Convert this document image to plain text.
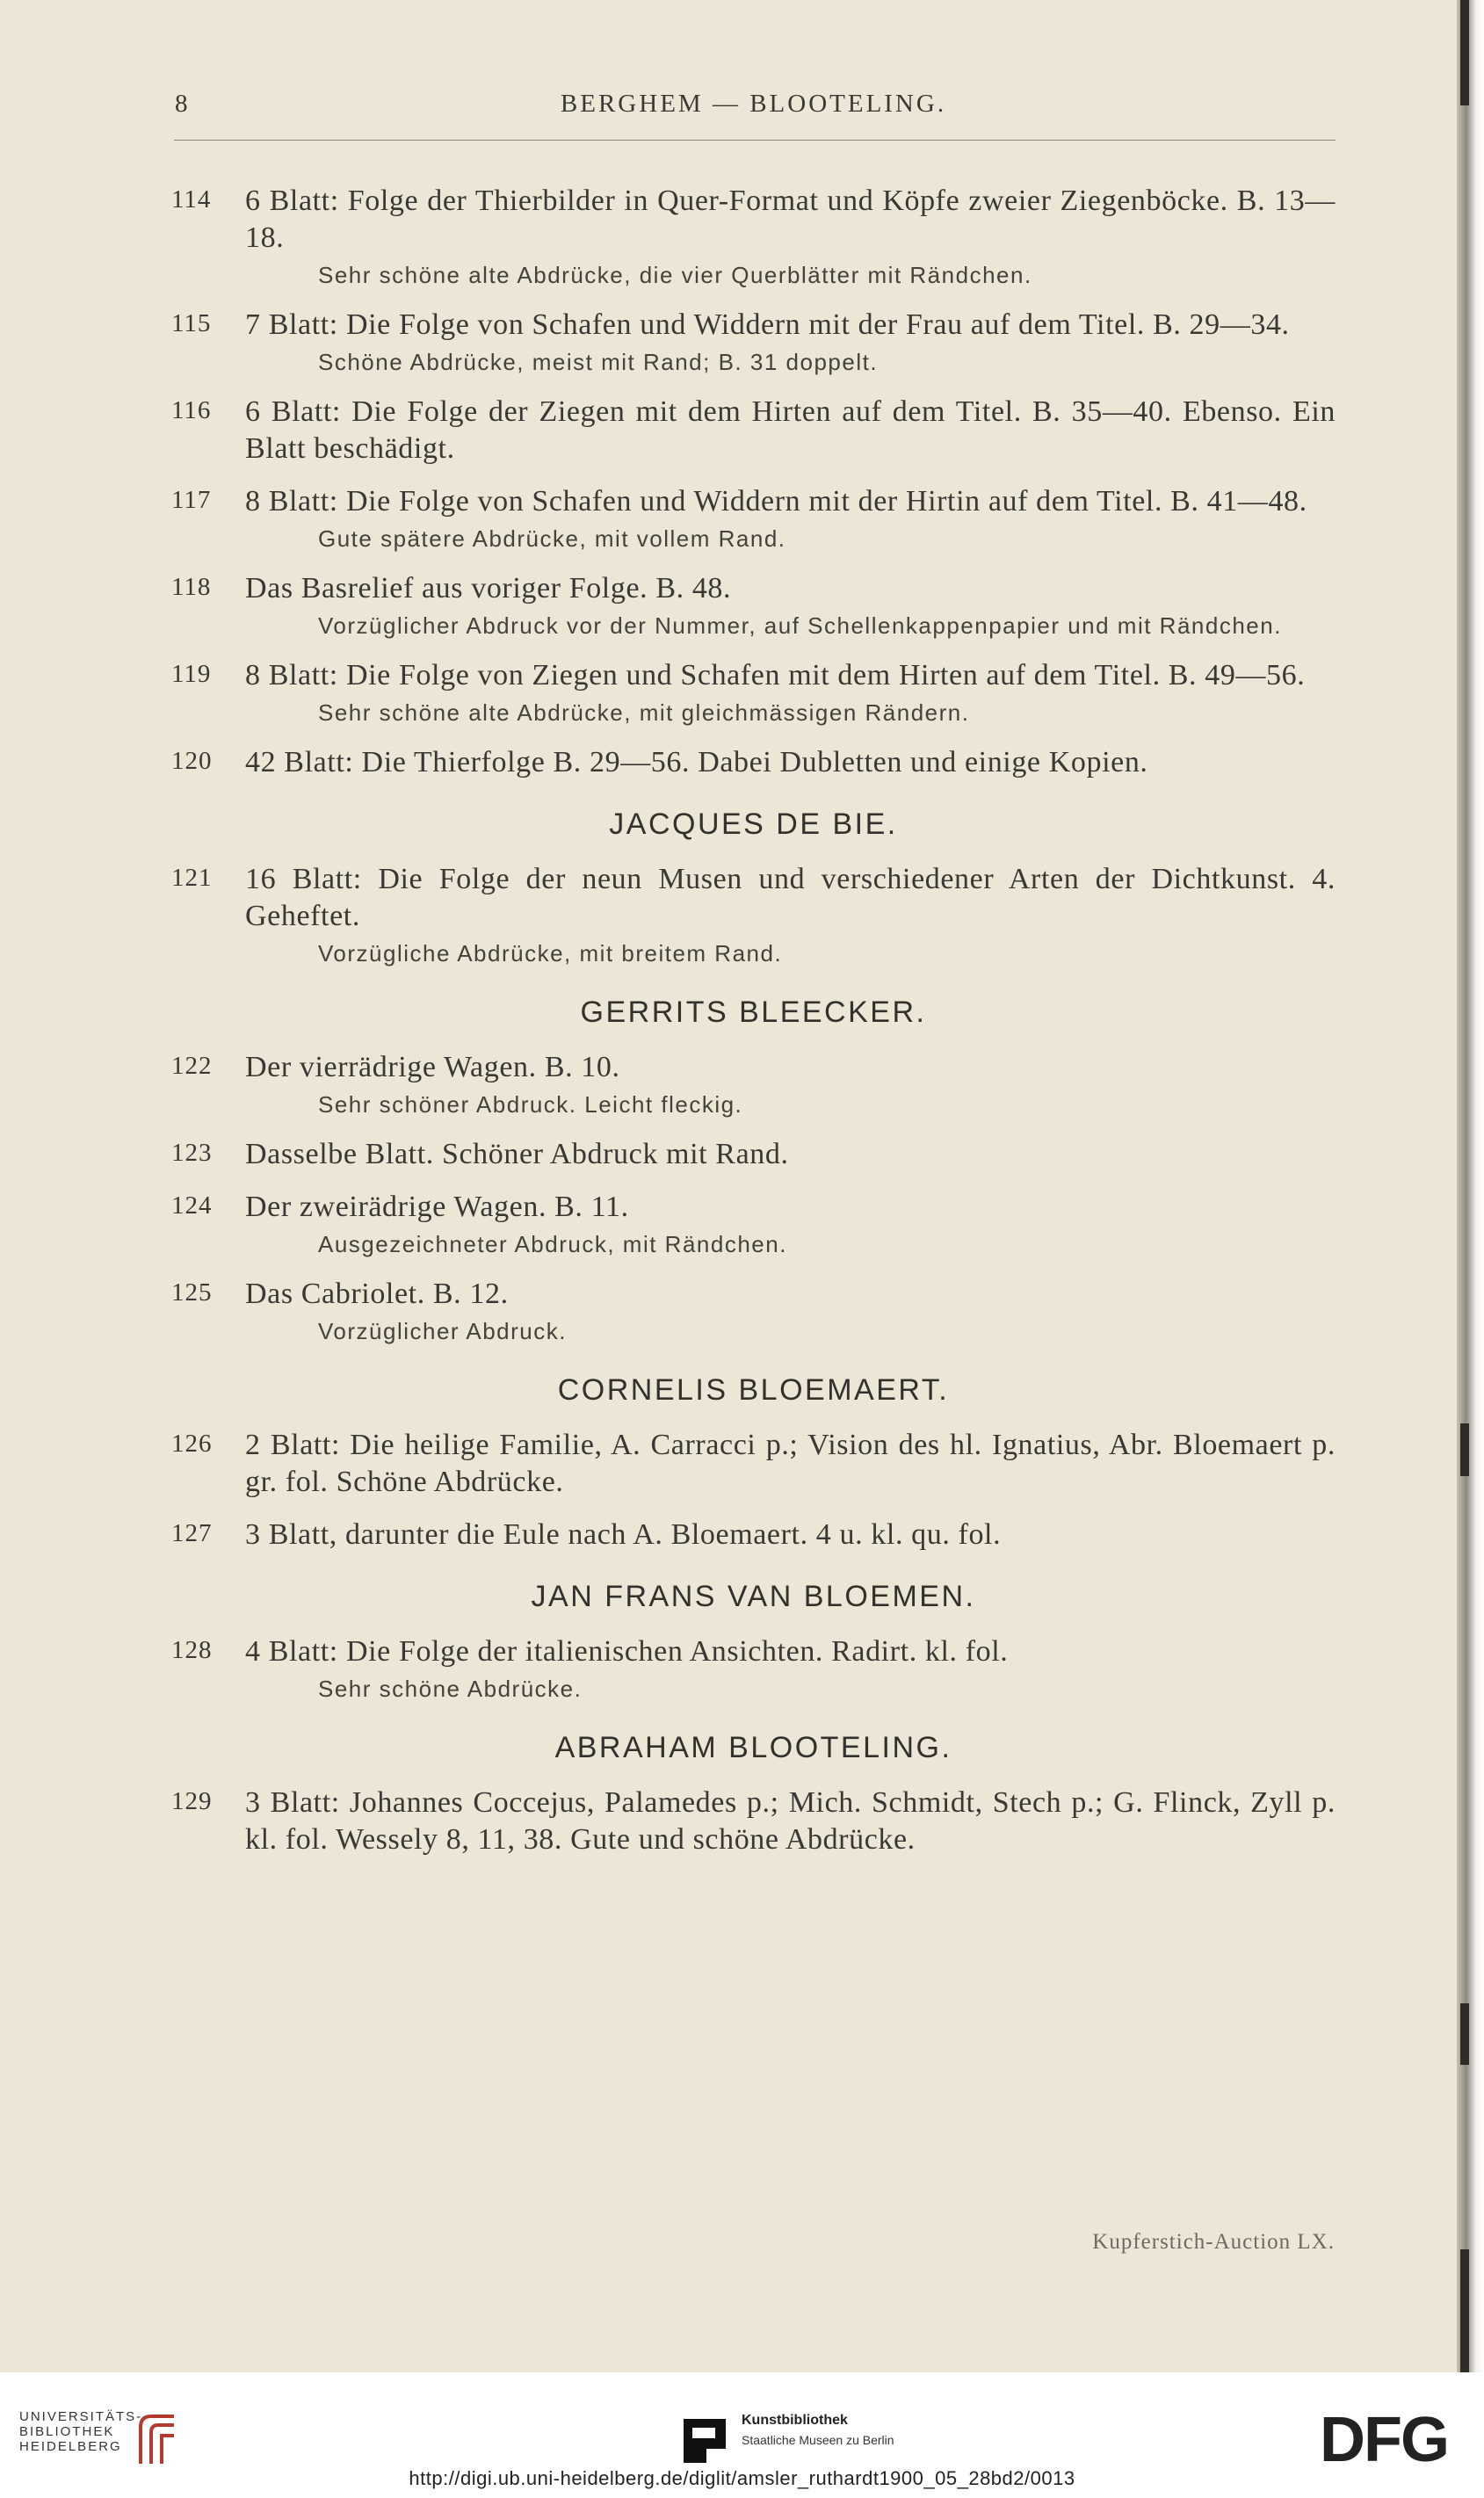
8	BERGHEM — BLOOTELING.
114 6 Blatt: Folge der Thierbilder in Quer-Format und Köpfe zweier Ziegenböcke. B. 13—18.
Sehr schöne alte Abdrücke, die vier Querblätter mit Rändchen.
115 7 Blatt: Die Folge von Schafen und Widdern mit der Frau auf dem Titel. B. 29—34.
Schöne Abdrücke, meist mit Rand; B. 31 doppelt.
116 6 Blatt: Die Folge der Ziegen mit dem Hirten auf dem Titel. B. 35—40. Ebenso. Ein Blatt beschädigt.
117 8 Blatt: Die Folge von Schafen und Widdern mit der Hirtin auf dem Titel. B. 41—48.
Gute spätere Abdrücke, mit vollem Rand.
118 Das Basrelief aus voriger Folge. B. 48.
Vorzüglicher Abdruck vor der Nummer, auf Schellenkappenpapier und mit Rändchen.
119 8 Blatt: Die Folge von Ziegen und Schafen mit dem Hirten auf dem Titel. B. 49—56.
Sehr schöne alte Abdrücke, mit gleichmässigen Rändern.
120 42 Blatt: Die Thierfolge B. 29—56. Dabei Dubletten und einige Kopien.
JACQUES DE BIE.
121 16 Blatt: Die Folge der neun Musen und verschiedener Arten der Dichtkunst. 4. Geheftet.
Vorzügliche Abdrücke, mit breitem Rand.
GERRITS BLEECKER.
122 Der vierrädrige Wagen. B. 10.
Sehr schöner Abdruck. Leicht fleckig.
123 Dasselbe Blatt. Schöner Abdruck mit Rand.
124 Der zweirädrige Wagen. B. 11.
Ausgezeichneter Abdruck, mit Rändchen.
125 Das Cabriolet. B. 12.
Vorzüglicher Abdruck.
CORNELIS BLOEMAERT.
126 2 Blatt: Die heilige Familie, A. Carracci p.; Vision des hl. Ignatius, Abr. Bloemaert p. gr. fol. Schöne Abdrücke.
127 3 Blatt, darunter die Eule nach A. Bloemaert. 4 u. kl. qu. fol.
JAN FRANS VAN BLOEMEN.
128 4 Blatt: Die Folge der italienischen Ansichten. Radirt. kl. fol.
Sehr schöne Abdrücke.
ABRAHAM BLOOTELING.
129 3 Blatt: Johannes Coccejus, Palamedes p.; Mich. Schmidt, Stech p.; G. Flinck, Zyll p. kl. fol. Wessely 8, 11, 38. Gute und schöne Abdrücke.
Kupferstich-Auction LX.
UNIVERSITÄTS-
BIBLIOTHEK
HEIDELBERG
Kunstbibliothek
Staatliche Museen zu Berlin	DFG
http://digi.ub.uni-heidelberg.de/diglit/amsler_ruthardt1900_05_28bd2/0013
